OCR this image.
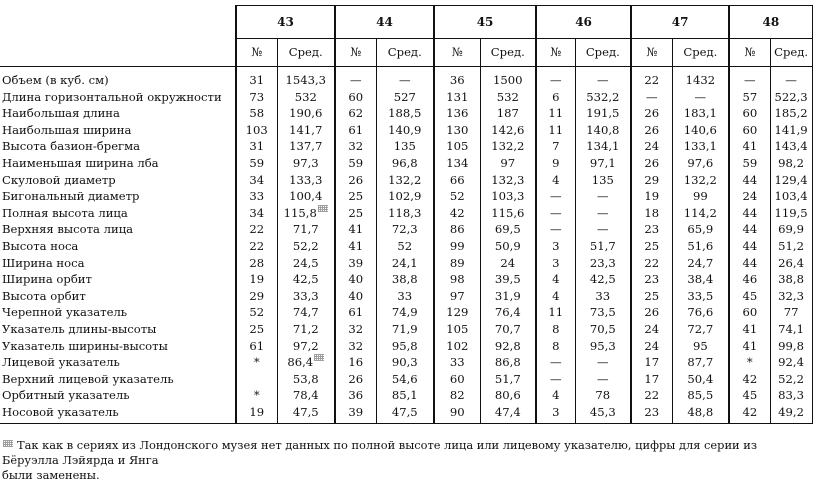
	43		44		45		46		47		48	
	№	Сред.	№	Сред.	№	Сред.	№	Сред.	№	Сред.	№	Сред.
Объем (в куб. см)	31	1543,3	—	—	36	1500	—	—	22	1432	—	—
Длина горизонтальной окружности	73	532	60	527	131	532	6	532,2	—	—	57	522,3
Наибольшая длина	58	190,6	62	188,5	136	187	11	191,5	26	183,1	60	185,2
Наибольшая ширина	103	141,7	61	140,9	130	142,6	11	140,8	26	140,6	60	141,9
Высота базион-брегма	31	137,7	32	135	105	132,2	7	134,1	24	133,1	41	143,4
Наименьшая ширина лба	59	97,3	59	96,8	134	97	9	97,1	26	97,6	59	98,2
Скуловой диаметр	34	133,3	26	132,2	66	132,3	4	135	29	132,2	44	129,4
Бигональный диаметр	33	100,4	25	102,9	52	103,3	—	—	19	99	24	103,4
Полная высота лица	34	115,8	25	118,3	42	115,6	—	—	18	114,2	44	119,5
Верхняя высота лица	22	71,7	41	72,3	86	69,5	—	—	23	65,9	44	69,9
Высота носа	22	52,2	41	52	99	50,9	3	51,7	25	51,6	44	51,2
Ширина носа	28	24,5	39	24,1	89	24	3	23,3	22	24,7	44	26,4
Ширина орбит	19	42,5	40	38,8	98	39,5	4	42,5	23	38,4	46	38,8
Высота орбит	29	33,3	40	33	97	31,9	4	33	25	33,5	45	32,3
Черепной указатель	52	74,7	61	74,9	129	76,4	11	73,5	26	76,6	60	77
Указатель длины-высоты	25	71,2	32	71,9	105	70,7	8	70,5	24	72,7	41	74,1
Указатель ширины-высоты	61	97,2	32	95,8	102	92,8	8	95,3	24	95	41	99,8
Лицевой указатель	*	86,4	16	90,3	33	86,8	—	—	17	87,7	*	92,4
Верхний лицевой указатель		53,8	26	54,6	60	51,7	—	—	17	50,4	42	52,2
Орбитный указатель	*	78,4	36	85,1	82	80,6	4	78	22	85,5	45	83,3
Носовой указатель	19	47,5	39	47,5	90	47,4	3	45,3	23	48,8	42	49,2
Так как в сериях из Лондонского музея нет данных по полной высоте лица или лицевому указателю, цифры для серии из Бёруэлла Лэйярда и Янга
были заменены.
